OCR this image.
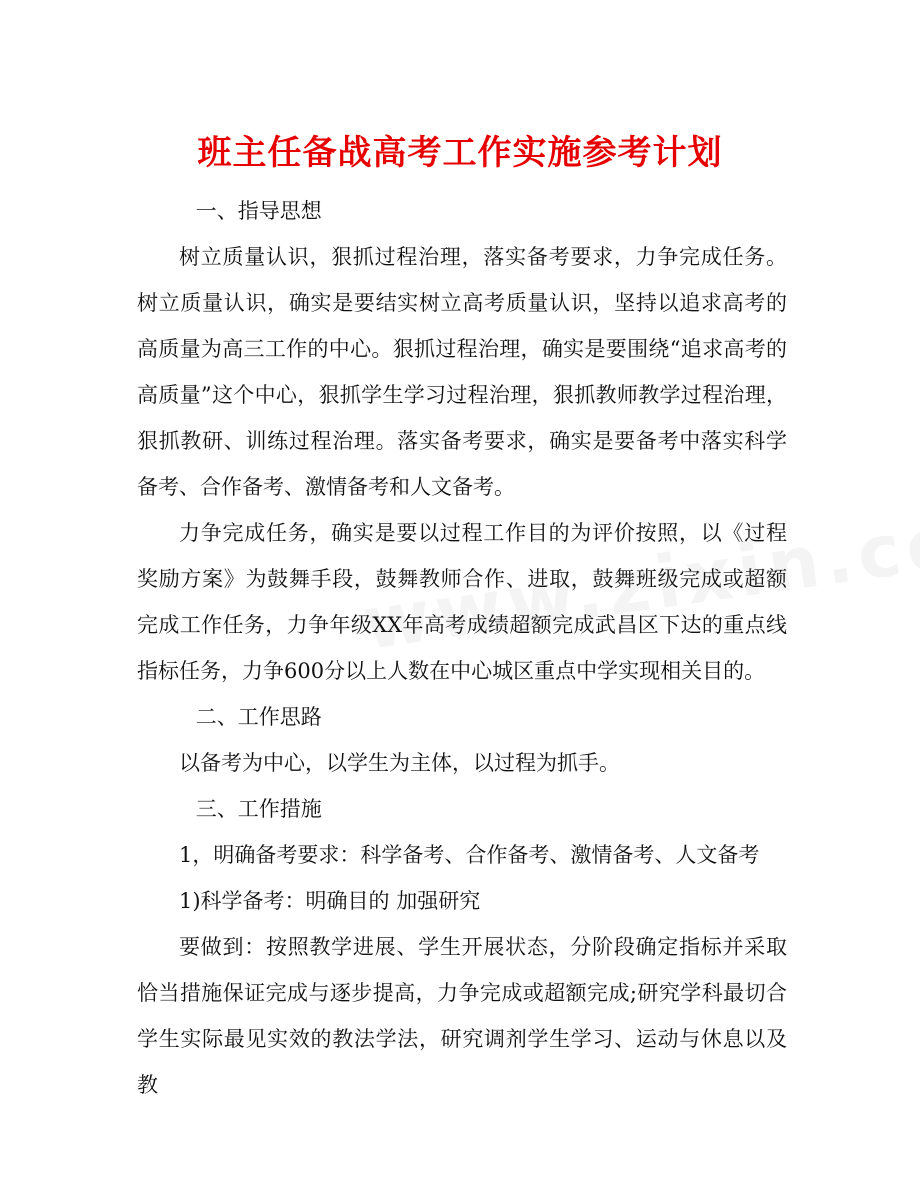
班主任备战高考工作实施参考计划

一、指导思想

树立质量认识，狠抓过程治理，落实备考要求，力争完成任务。树立质量认识，确实是要结实树立高考质量认识，坚持以追求高考的高质量为高三工作的中心。狠抓过程治理，确实是要围绕“追求高考的高质量”这个中心，狠抓学生学习过程治理，狠抓教师教学过程治理，狠抓教研、训练过程治理。落实备考要求，确实是要备考中落实科学备考、合作备考、激情备考和人文备考。

力争完成任务，确实是要以过程工作目的为评价按照，以《过程奖励方案》为鼓舞手段，鼓舞教师合作、进取，鼓舞班级完成或超额完成工作任务，力争年级XX年高考成绩超额完成武昌区下达的重点线指标任务，力争600分以上人数在中心城区重点中学实现相关目的。

二、工作思路

以备考为中心，以学生为主体，以过程为抓手。

三、工作措施

1，明确备考要求：科学备考、合作备考、激情备考、人文备考

1)科学备考：明确目的 加强研究

要做到：按照教学进展、学生开展状态，分阶段确定指标并采取恰当措施保证完成与逐步提高，力争完成或超额完成;研究学科最切合学生实际最见实效的教法学法，研究调剂学生学习、运动与休息以及教
